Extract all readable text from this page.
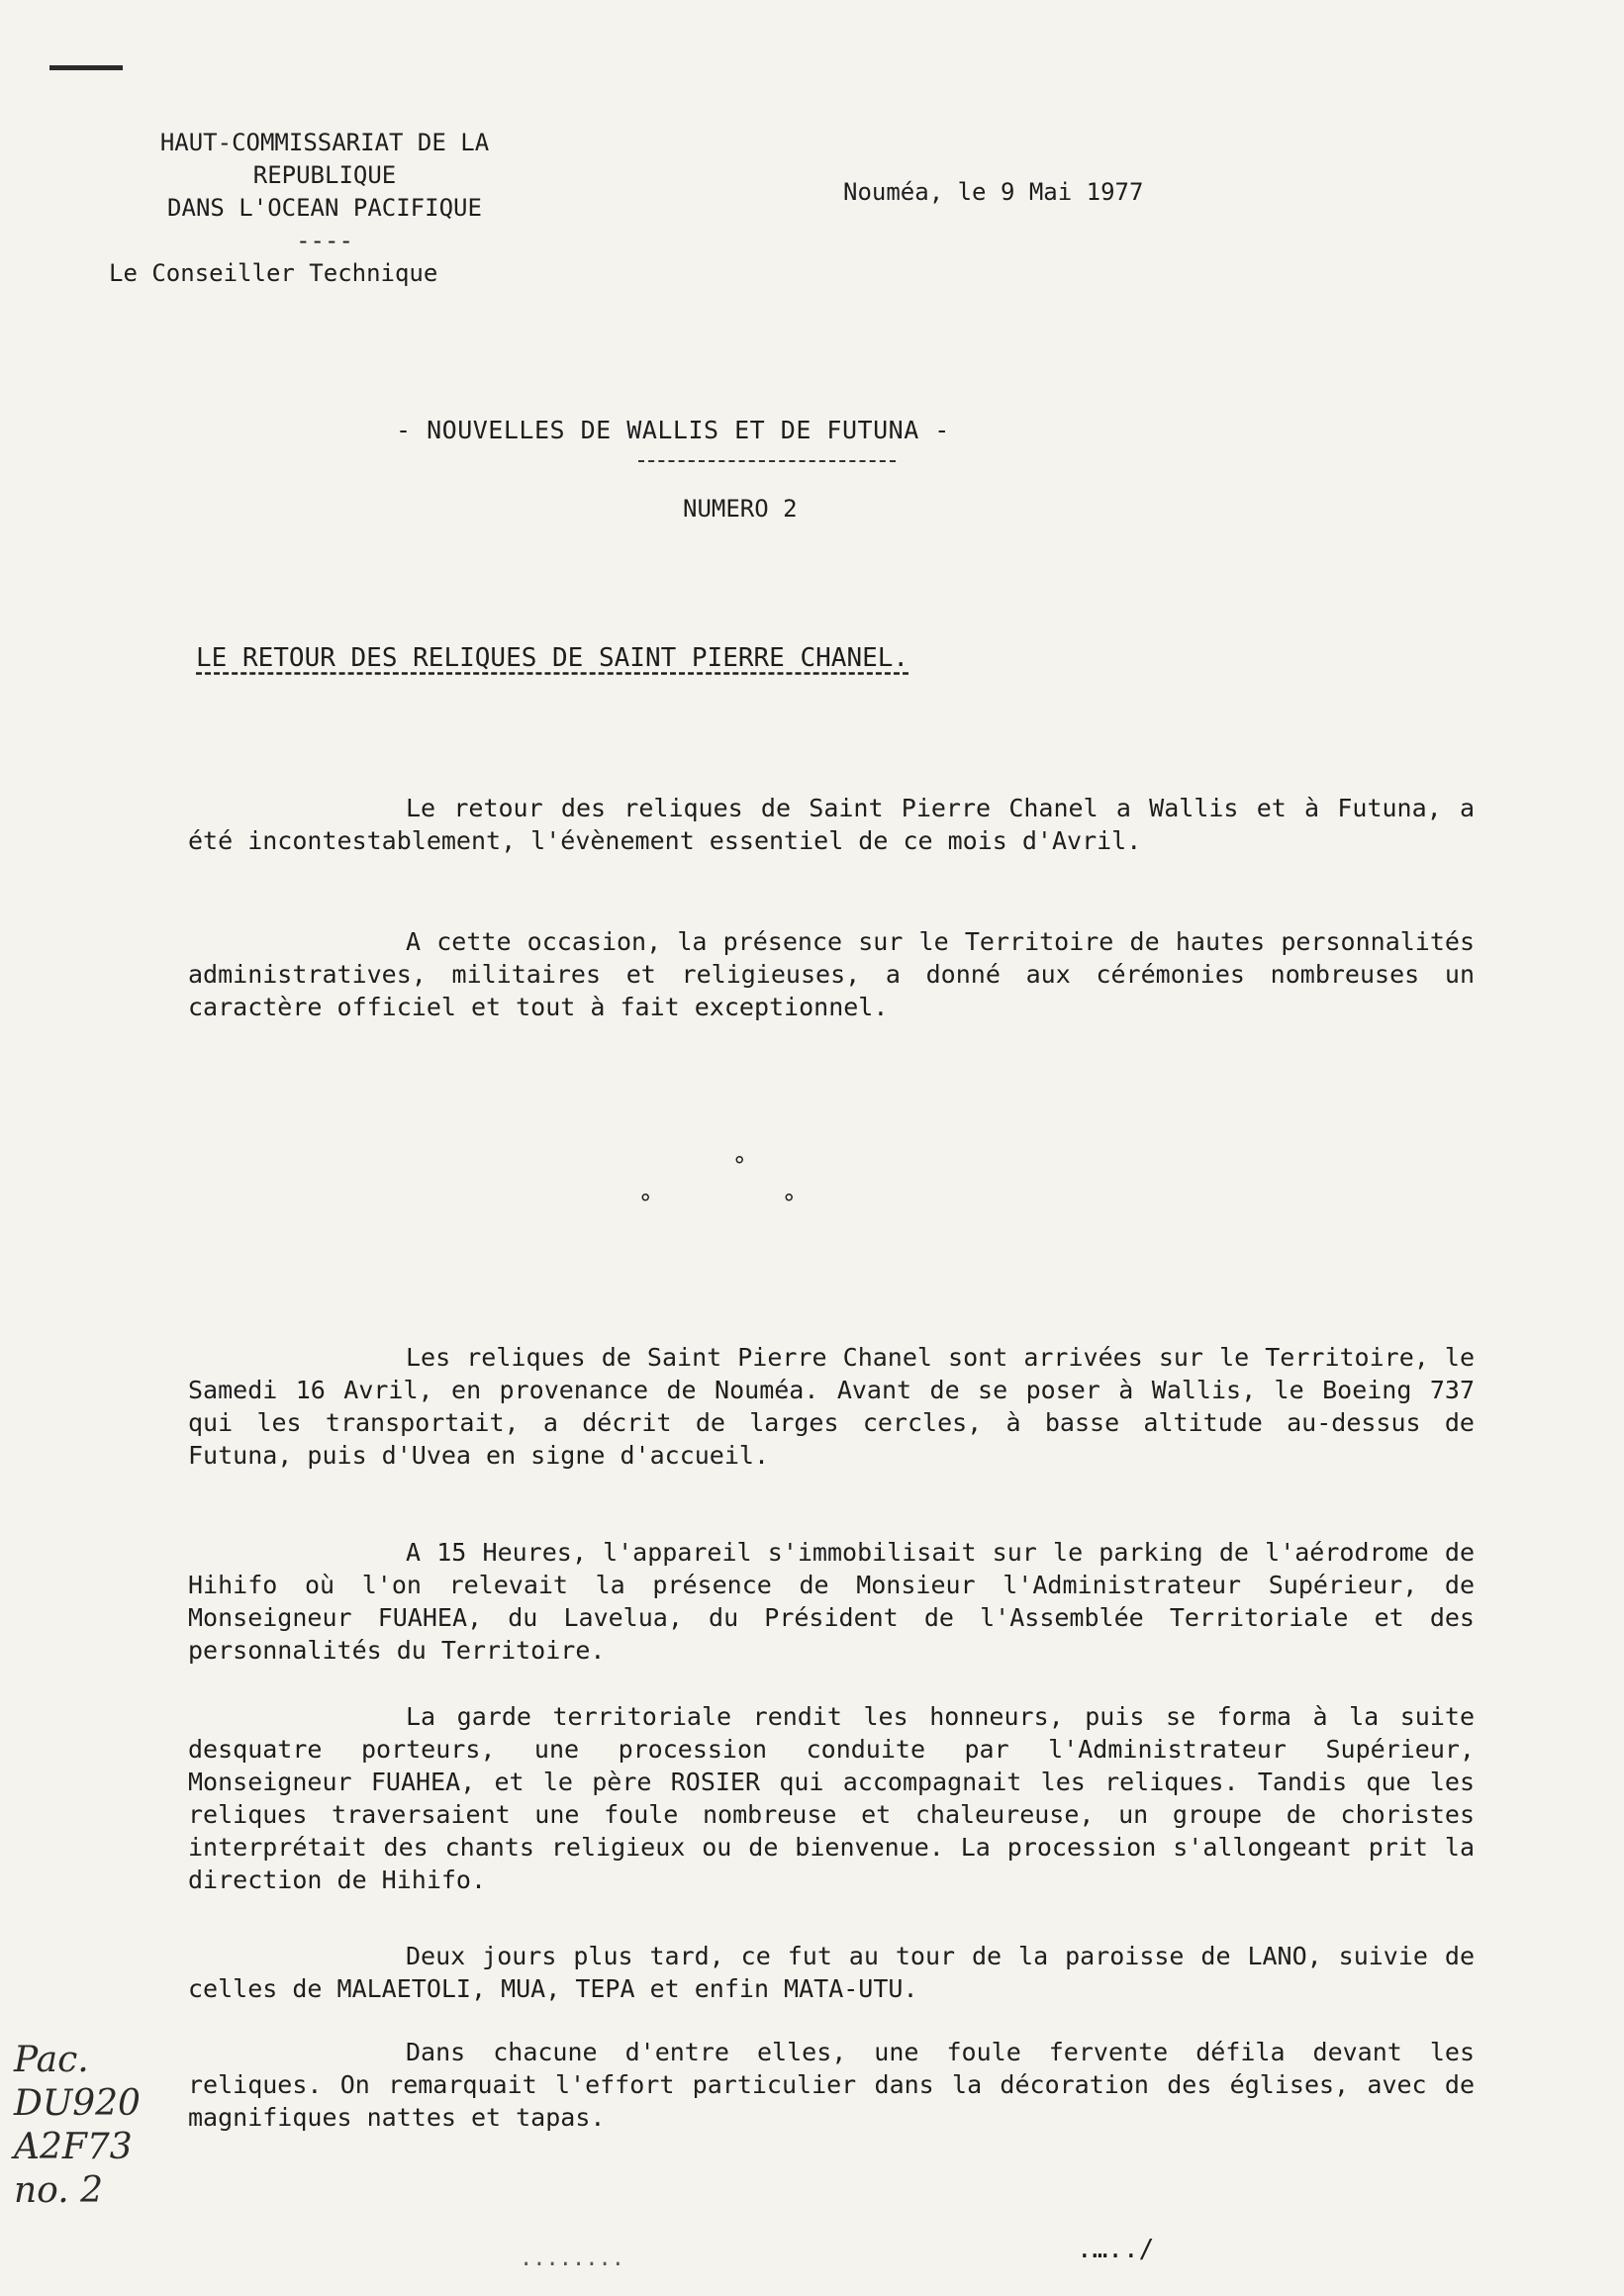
HAUT-COMMISSARIAT DE LA
REPUBLIQUE
DANS L'OCEAN PACIFIQUE
----
Nouméa, le 9 Mai 1977
Le Conseiller Technique
- NOUVELLES DE WALLIS ET DE FUTUNA -
NUMERO 2
LE RETOUR DES RELIQUES DE SAINT PIERRE CHANEL.
Le retour des reliques de Saint Pierre Chanel a Wallis et à Futuna, a été incontestablement, l'évènement essentiel de ce mois d'Avril.
A cette occasion, la présence sur le Territoire de hautes personnalités administratives, militaires et religieuses, a donné aux cérémonies nombreuses un caractère officiel et tout à fait exceptionnel.
°
°	°
Les reliques de Saint Pierre Chanel sont arrivées sur le Territoire, le Samedi 16 Avril, en provenance de Nouméa. Avant de se poser à Wallis, le Boeing 737 qui les transportait, a décrit de larges cercles, à basse altitude au-dessus de Futuna, puis d'Uvea en signe d'accueil.
A 15 Heures, l'appareil s'immobilisait sur le parking de l'aérodrome de Hihifo où l'on relevait la présence de Monsieur l'Administrateur Supérieur, de Monseigneur FUAHEA, du Lavelua, du Président de l'Assemblée Territoriale et des personnalités du Territoire.
La garde territoriale rendit les honneurs, puis se forma à la suite desquatre porteurs, une procession conduite par l'Administrateur Supérieur, Monseigneur FUAHEA, et le père ROSIER qui accompagnait les reliques. Tandis que les reliques traversaient une foule nombreuse et chaleureuse, un groupe de choristes interprétait des chants religieux ou de bienvenue. La procession s'allongeant prit la direction de Hihifo.
Deux jours plus tard, ce fut au tour de la paroisse de LANO, suivie de celles de MALAETOLI, MUA, TEPA et enfin MATA-UTU.
Dans chacune d'entre elles, une foule fervente défila devant les reliques. On remarquait l'effort particulier dans la décoration des églises, avec de magnifiques nattes et tapas.
Pac.
DU920
A2F73
no. 2
........	.…../
